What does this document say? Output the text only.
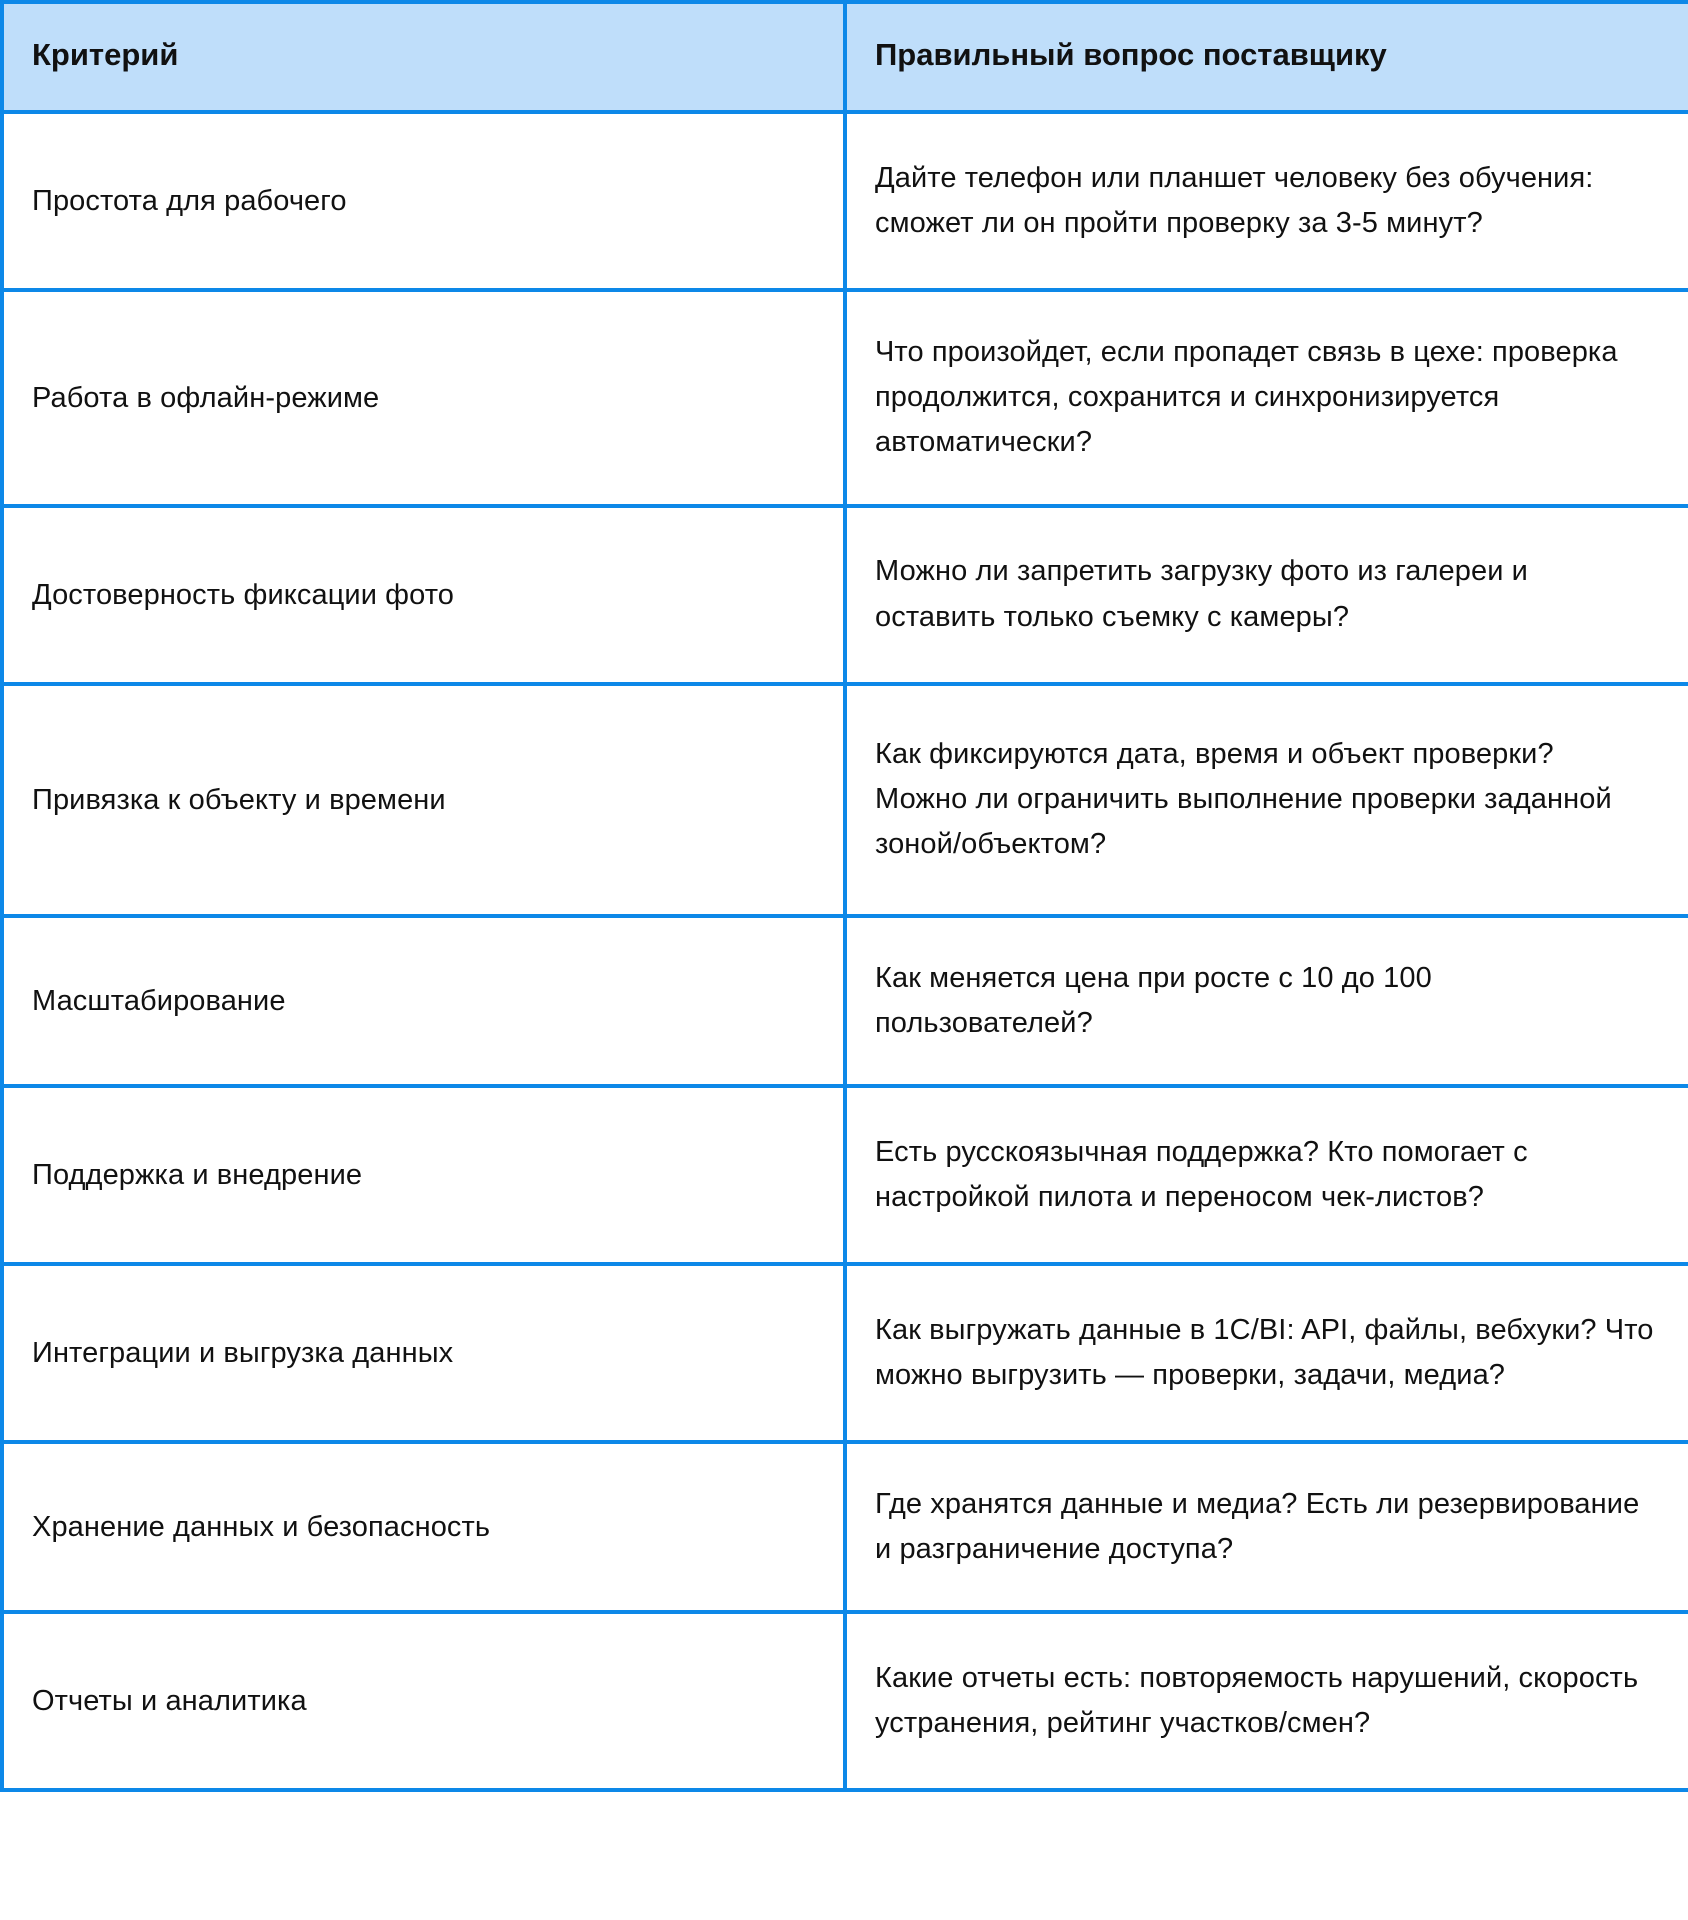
Критерий	Правильный вопрос поставщику
Простота для рабочего	Дайте телефон или планшет человеку без обучения: сможет ли он пройти проверку за 3-5 минут?
Работа в офлайн-режиме	Что произойдет, если пропадет связь в цехе: проверка продолжится, сохранится и синхронизируется автоматически?
Достоверность фиксации фото	Можно ли запретить загрузку фото из галереи и оставить только съемку с камеры?
Привязка к объекту и времени	Как фиксируются дата, время и объект проверки? Можно ли ограничить выполнение проверки заданной зоной/объектом?
Масштабирование	Как меняется цена при росте с 10 до 100 пользователей?
Поддержка и внедрение	Есть русскоязычная поддержка? Кто помогает с настройкой пилота и переносом чек-листов?
Интеграции и выгрузка данных	Как выгружать данные в 1C/BI: API, файлы, вебхуки? Что можно выгрузить — проверки, задачи, медиа?
Хранение данных и безопасность	Где хранятся данные и медиа? Есть ли резервирование и разграничение доступа?
Отчеты и аналитика	Какие отчеты есть: повторяемость нарушений, скорость устранения, рейтинг участков/смен?
